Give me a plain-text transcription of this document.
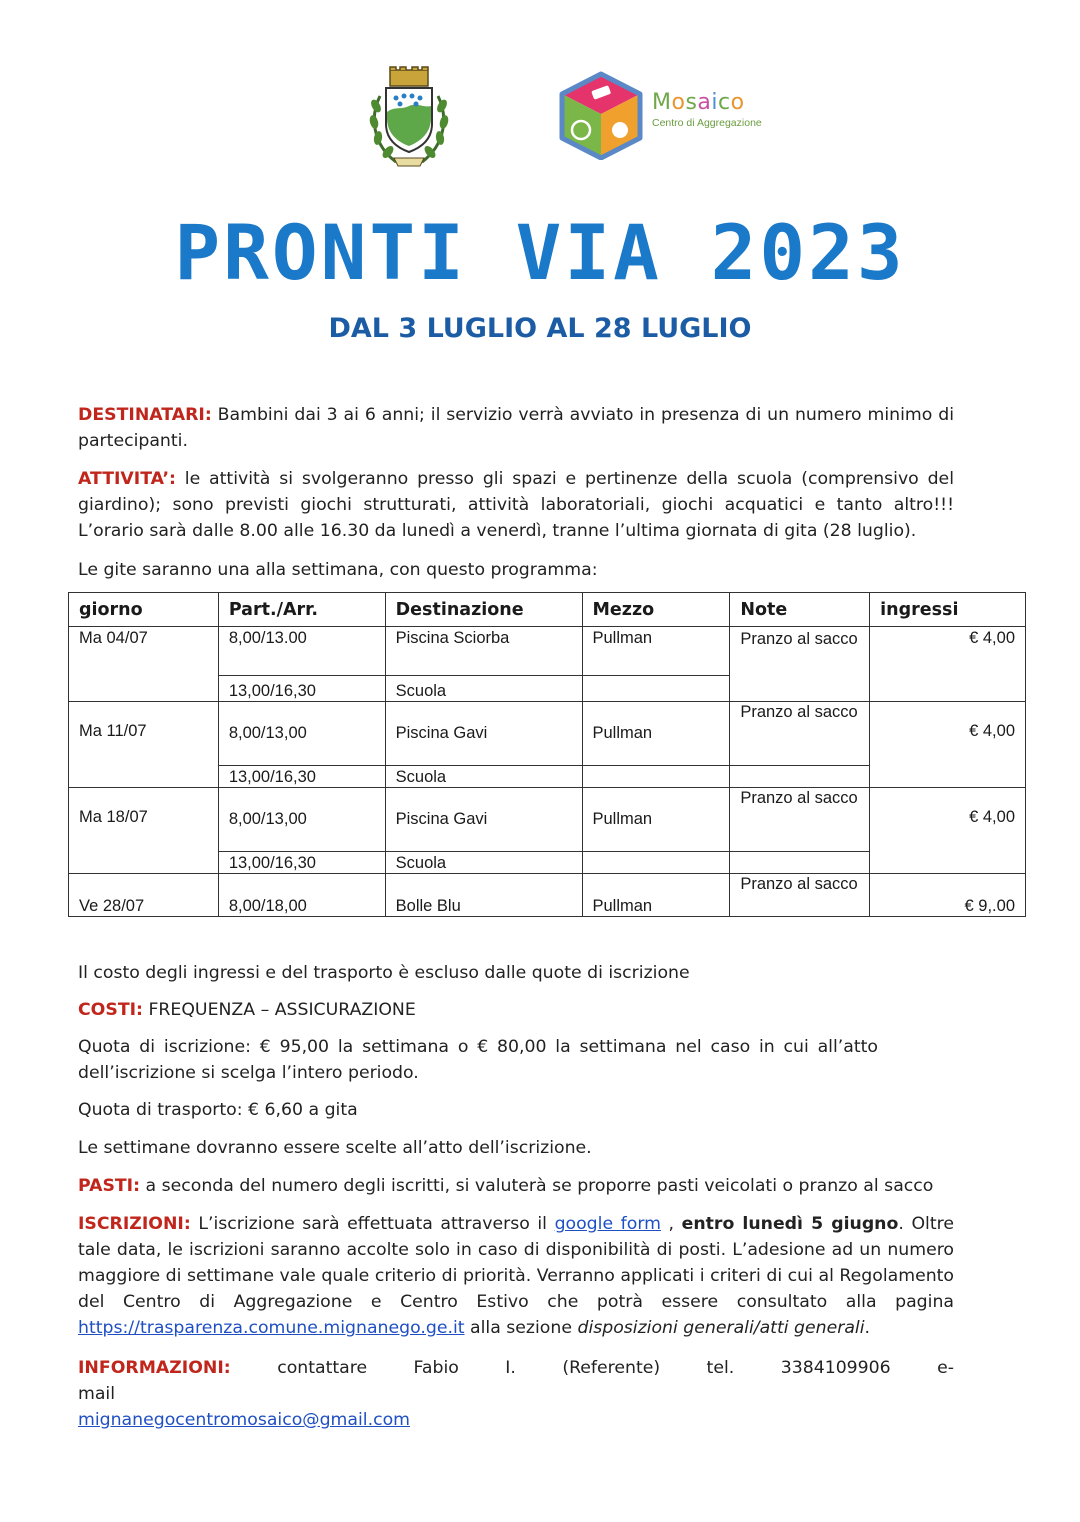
Mosaico
Centro di Aggregazione
PRONTI VIA 2023
DAL 3 LUGLIO AL 28 LUGLIO

DESTINATARI: Bambini dai 3 ai 6 anni; il servizio verrà avviato in presenza di un numero minimo di partecipanti.

ATTIVITA’: le attività si svolgeranno presso gli spazi e pertinenze della scuola (comprensivo del giardino); sono previsti giochi strutturati, attività laboratoriali, giochi acquatici e tanto altro!!! L’orario sarà dalle 8.00 alle 16.30 da lunedì a venerdì, tranne l’ultima giornata di gita (28 luglio).

Le gite saranno una alla settimana, con questo programma:

giorno	Part./Arr.	Destinazione	Mezzo	Note	ingressi
Ma 04/07	8,00/13.00	Piscina Sciorba	Pullman	Pranzo al sacco	€ 4,00
	13,00/16,30	Scuola			
Ma 11/07	8,00/13,00	Piscina Gavi	Pullman	Pranzo al sacco	€ 4,00
	13,00/16,30	Scuola			
Ma 18/07	8,00/13,00	Piscina Gavi	Pullman	Pranzo al sacco	€ 4,00
	13,00/16,30	Scuola			
Ve 28/07	8,00/18,00	Bolle Blu	Pullman	Pranzo al sacco	€ 9,.00

Il costo degli ingressi e del trasporto è escluso dalle quote di iscrizione

COSTI: FREQUENZA – ASSICURAZIONE

Quota di iscrizione: € 95,00 la settimana o € 80,00 la settimana nel caso in cui all’atto dell’iscrizione si scelga l’intero periodo.

Quota di trasporto: € 6,60 a gita

Le settimane dovranno essere scelte all’atto dell’iscrizione.

PASTI: a seconda del numero degli iscritti, si valuterà se proporre pasti veicolati o pranzo al sacco

ISCRIZIONI: L’iscrizione sarà effettuata attraverso il google form , entro lunedì 5 giugno. Oltre tale data, le iscrizioni saranno accolte solo in caso di disponibilità di posti. L’adesione ad un numero maggiore di settimane vale quale criterio di priorità. Verranno applicati i criteri di cui al Regolamento del Centro di Aggregazione e Centro Estivo che potrà essere consultato alla pagina https://trasparenza.comune.mignanego.ge.it alla sezione disposizioni generali/atti generali.

INFORMAZIONI: contattare Fabio I. (Referente) tel. 3384109906 e-mail
mignanegocentromosaico@gmail.com
